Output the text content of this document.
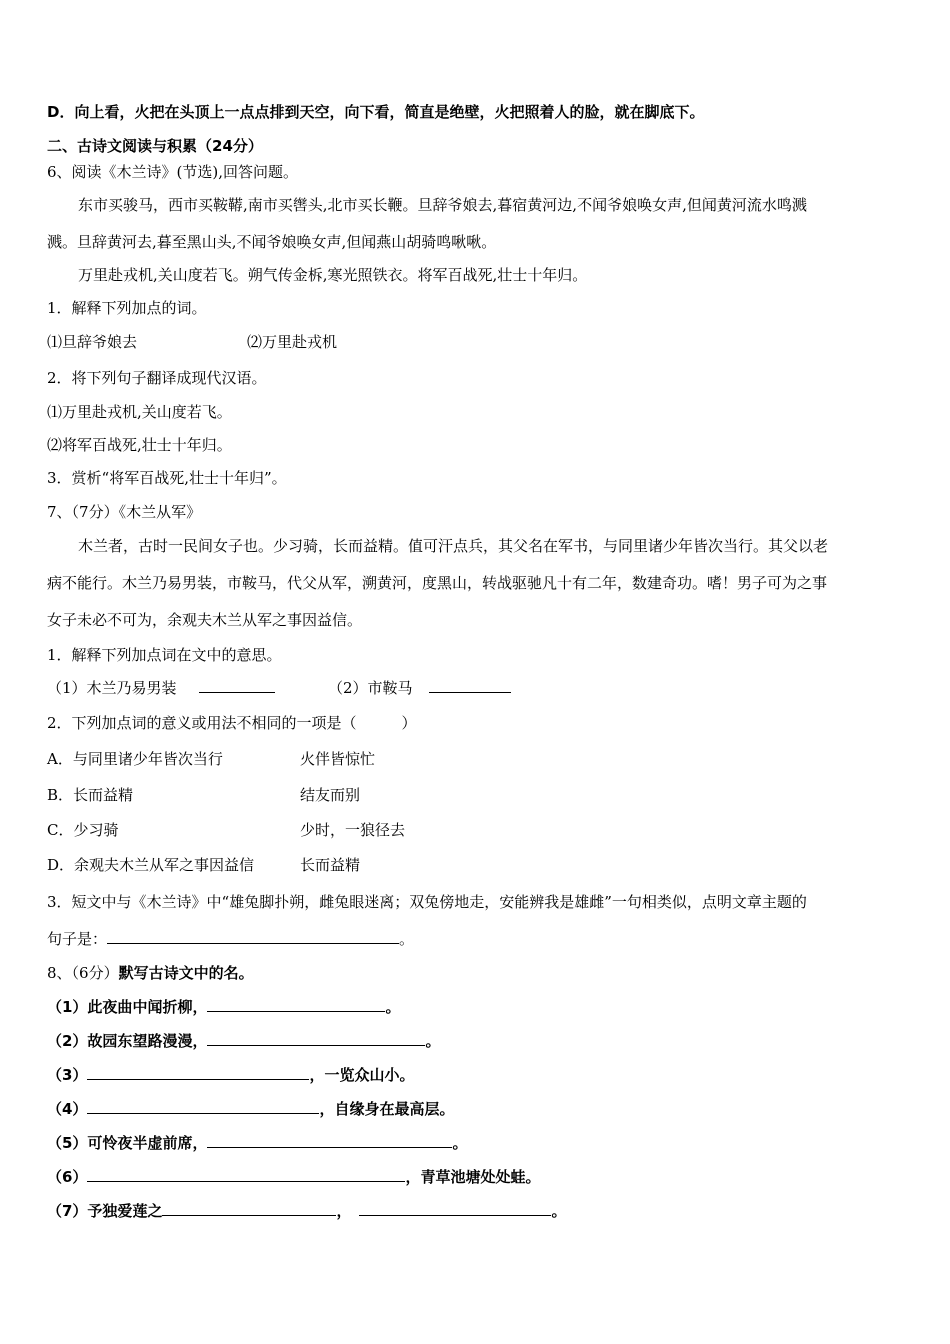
D．向上看，火把在头顶上一点点排到天空，向下看，简直是绝壁，火把照着人的脸，就在脚底下。
二、古诗文阅读与积累（24分）
6、阅读《木兰诗》(节选),回答问题。
东市买骏马，西市买鞍鞯,南市买辔头,北市买长鞭。旦辞爷娘去,暮宿黄河边,不闻爷娘唤女声,但闻黄河流水鸣溅
溅。旦辞黄河去,暮至黑山头,不闻爷娘唤女声,但闻燕山胡骑鸣啾啾。
万里赴戎机,关山度若飞。朔气传金柝,寒光照铁衣。将军百战死,壮士十年归。
1．解释下列加点的词。
⑴旦辞爷娘去	⑵万里赴戎机
2．将下列句子翻译成现代汉语。
⑴万里赴戎机,关山度若飞。
⑵将军百战死,壮士十年归。
3．赏析“将军百战死,壮士十年归”。
7、（7分）《木兰从军》
木兰者，古时一民间女子也。少习骑，长而益精。值可汗点兵，其父名在军书，与同里诸少年皆次当行。其父以老
病不能行。木兰乃易男装，市鞍马，代父从军，溯黄河，度黑山，转战驱驰凡十有二年，数建奇功。嗜！男子可为之事
女子未必不可为，余观夫木兰从军之事因益信。
1．解释下列加点词在文中的意思。
（1）木兰乃易男装	（2）市鞍马
2．下列加点词的意义或用法不相同的一项是（　　　）
A．与同里诸少年皆次当行	火伴皆惊忙
B．长而益精	结友而别
C．少习骑	少时，一狼径去
D．余观夫木兰从军之事因益信	长而益精
3．短文中与《木兰诗》中“雄兔脚扑朔，雌兔眼迷离；双兔傍地走，安能辨我是雄雌”一句相类似，点明文章主题的
句子是：	。
8、（6分）默写古诗文中的名。
（1）此夜曲中闻折柳，	。
（2）故园东望路漫漫，	。
（3）	，一览众山小。
（4）	，自缘身在最高层。
（5）可怜夜半虚前席，	。
（6）	，青草池塘处处蛙。
（7）予独爱莲之	，	。
